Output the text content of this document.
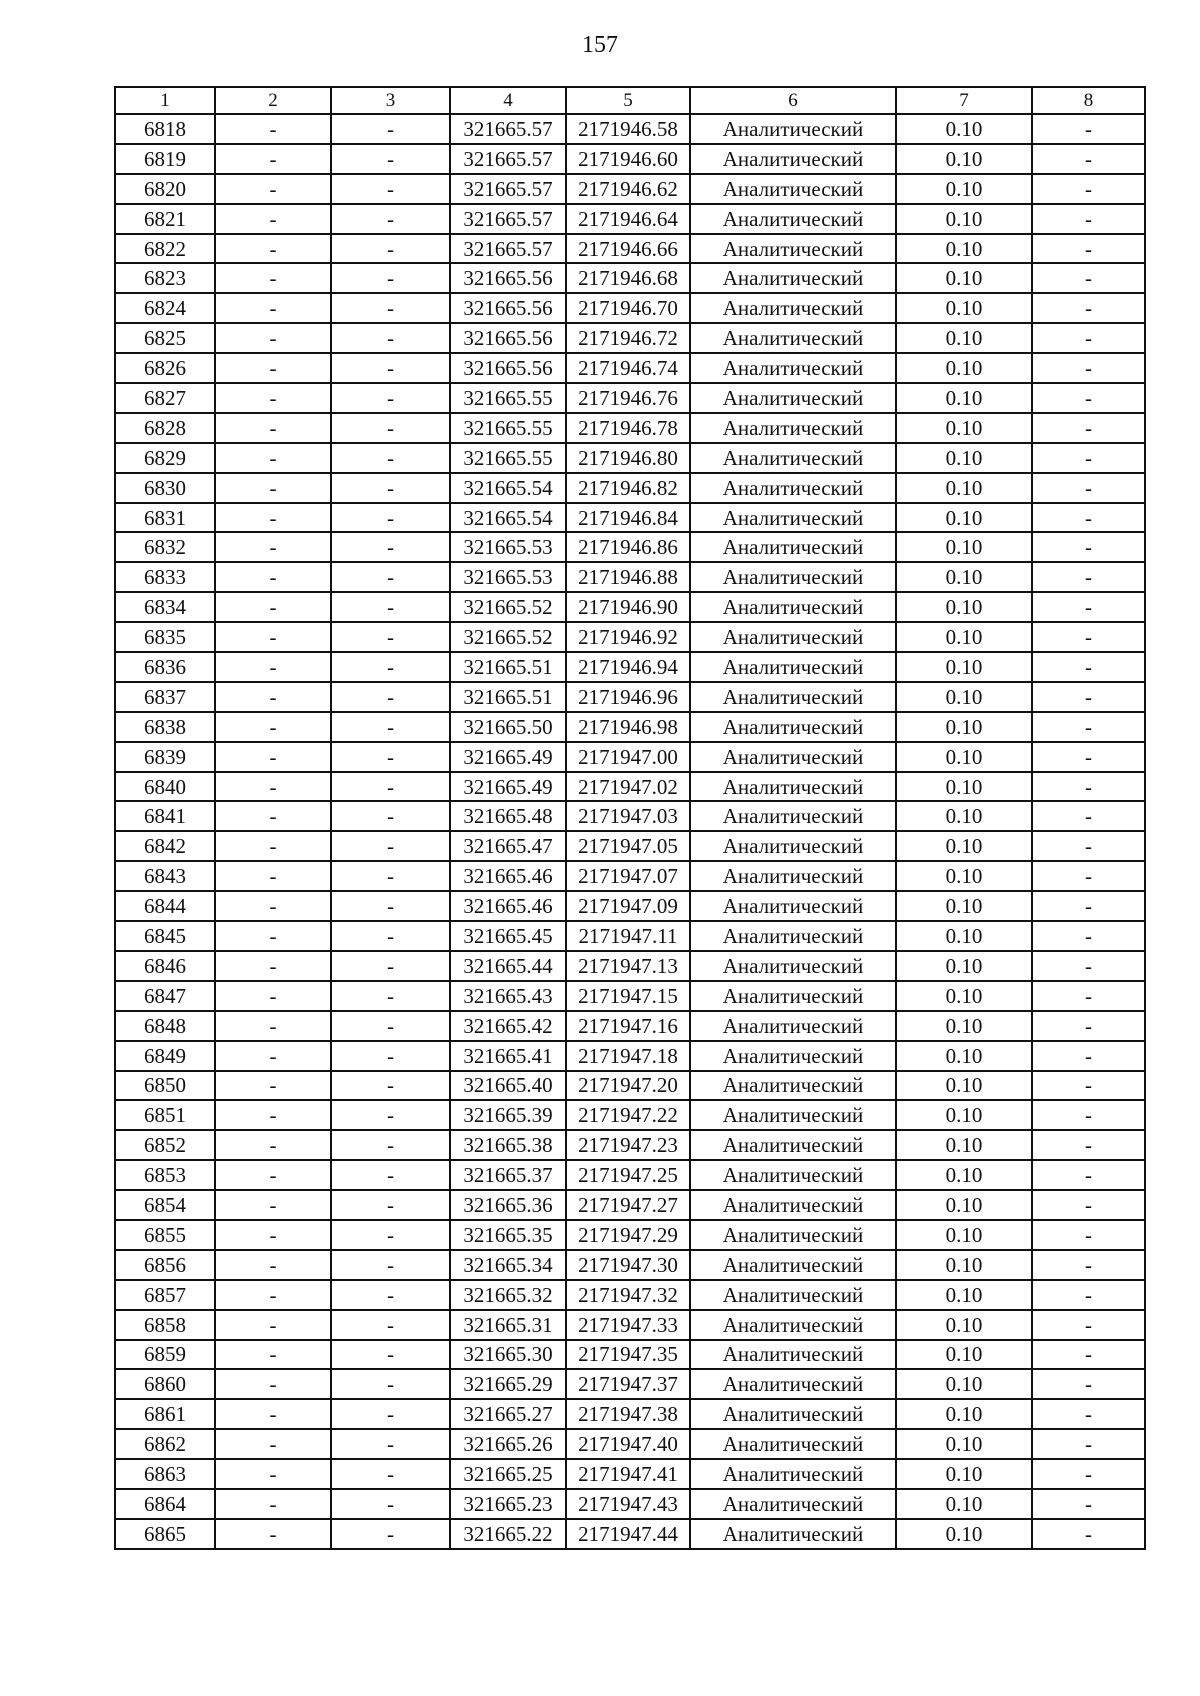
157
1	2	3	4	5	6	7	8
6818	-	-	321665.57	2171946.58	Аналитический	0.10	-
6819	-	-	321665.57	2171946.60	Аналитический	0.10	-
6820	-	-	321665.57	2171946.62	Аналитический	0.10	-
6821	-	-	321665.57	2171946.64	Аналитический	0.10	-
6822	-	-	321665.57	2171946.66	Аналитический	0.10	-
6823	-	-	321665.56	2171946.68	Аналитический	0.10	-
6824	-	-	321665.56	2171946.70	Аналитический	0.10	-
6825	-	-	321665.56	2171946.72	Аналитический	0.10	-
6826	-	-	321665.56	2171946.74	Аналитический	0.10	-
6827	-	-	321665.55	2171946.76	Аналитический	0.10	-
6828	-	-	321665.55	2171946.78	Аналитический	0.10	-
6829	-	-	321665.55	2171946.80	Аналитический	0.10	-
6830	-	-	321665.54	2171946.82	Аналитический	0.10	-
6831	-	-	321665.54	2171946.84	Аналитический	0.10	-
6832	-	-	321665.53	2171946.86	Аналитический	0.10	-
6833	-	-	321665.53	2171946.88	Аналитический	0.10	-
6834	-	-	321665.52	2171946.90	Аналитический	0.10	-
6835	-	-	321665.52	2171946.92	Аналитический	0.10	-
6836	-	-	321665.51	2171946.94	Аналитический	0.10	-
6837	-	-	321665.51	2171946.96	Аналитический	0.10	-
6838	-	-	321665.50	2171946.98	Аналитический	0.10	-
6839	-	-	321665.49	2171947.00	Аналитический	0.10	-
6840	-	-	321665.49	2171947.02	Аналитический	0.10	-
6841	-	-	321665.48	2171947.03	Аналитический	0.10	-
6842	-	-	321665.47	2171947.05	Аналитический	0.10	-
6843	-	-	321665.46	2171947.07	Аналитический	0.10	-
6844	-	-	321665.46	2171947.09	Аналитический	0.10	-
6845	-	-	321665.45	2171947.11	Аналитический	0.10	-
6846	-	-	321665.44	2171947.13	Аналитический	0.10	-
6847	-	-	321665.43	2171947.15	Аналитический	0.10	-
6848	-	-	321665.42	2171947.16	Аналитический	0.10	-
6849	-	-	321665.41	2171947.18	Аналитический	0.10	-
6850	-	-	321665.40	2171947.20	Аналитический	0.10	-
6851	-	-	321665.39	2171947.22	Аналитический	0.10	-
6852	-	-	321665.38	2171947.23	Аналитический	0.10	-
6853	-	-	321665.37	2171947.25	Аналитический	0.10	-
6854	-	-	321665.36	2171947.27	Аналитический	0.10	-
6855	-	-	321665.35	2171947.29	Аналитический	0.10	-
6856	-	-	321665.34	2171947.30	Аналитический	0.10	-
6857	-	-	321665.32	2171947.32	Аналитический	0.10	-
6858	-	-	321665.31	2171947.33	Аналитический	0.10	-
6859	-	-	321665.30	2171947.35	Аналитический	0.10	-
6860	-	-	321665.29	2171947.37	Аналитический	0.10	-
6861	-	-	321665.27	2171947.38	Аналитический	0.10	-
6862	-	-	321665.26	2171947.40	Аналитический	0.10	-
6863	-	-	321665.25	2171947.41	Аналитический	0.10	-
6864	-	-	321665.23	2171947.43	Аналитический	0.10	-
6865	-	-	321665.22	2171947.44	Аналитический	0.10	-
